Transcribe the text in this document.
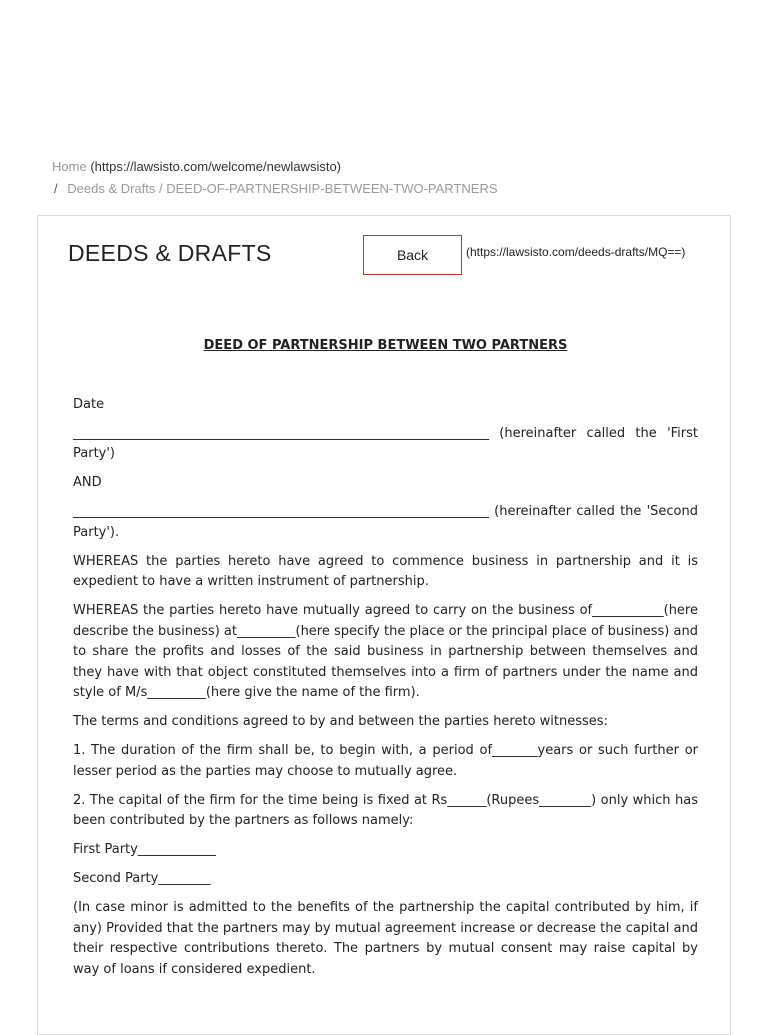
Home (https://lawsisto.com/welcome/newlawsisto)
/ Deeds & Drafts / DEED-OF-PARTNERSHIP-BETWEEN-TWO-PARTNERS
DEEDS & DRAFTS	Back	(https://lawsisto.com/deeds-drafts/MQ==)
DEED OF PARTNERSHIP BETWEEN TWO PARTNERS

Date

________________________________________________________________ (hereinafter called the 'First Party')

AND

________________________________________________________________ (hereinafter called the 'Second Party').

WHEREAS the parties hereto have agreed to commence business in partnership and it is expedient to have a written instrument of partnership.

WHEREAS the parties hereto have mutually agreed to carry on the business of___________(here describe the business) at_________(here specify the place or the principal place of business) and to share the profits and losses of the said business in partnership between themselves and they have with that object constituted themselves into a firm of partners under the name and style of M/s_________(here give the name of the firm).

The terms and conditions agreed to by and between the parties hereto witnesses:

1. The duration of the firm shall be, to begin with, a period of_______years or such further or lesser period as the parties may choose to mutually agree.

2. The capital of the firm for the time being is fixed at Rs______(Rupees________) only which has been contributed by the partners as follows namely:

First Party____________

Second Party________

(In case minor is admitted to the benefits of the partnership the capital contributed by him, if any) Provided that the partners may by mutual agreement increase or decrease the capital and their respective contributions thereto. The partners by mutual consent may raise capital by way of loans if considered expedient.
